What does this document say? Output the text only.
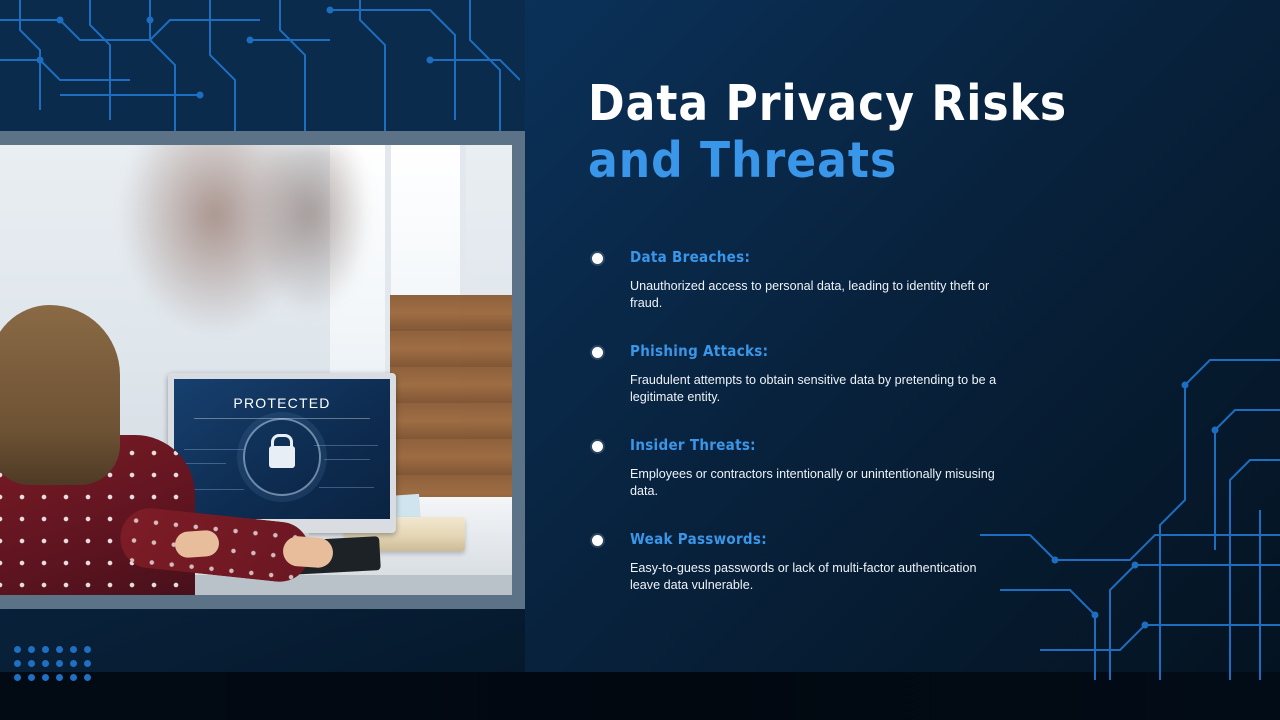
PROTECTED
Data Privacy Risks
and Threats
Data Breaches:
Unauthorized access to personal data, leading to identity theft or fraud.
Phishing Attacks:
Fraudulent attempts to obtain sensitive data by pretending to be a legitimate entity.
Insider Threats:
Employees or contractors intentionally or unintentionally misusing data.
Weak Passwords:
Easy-to-guess passwords or lack of multi-factor authentication leave data vulnerable.
